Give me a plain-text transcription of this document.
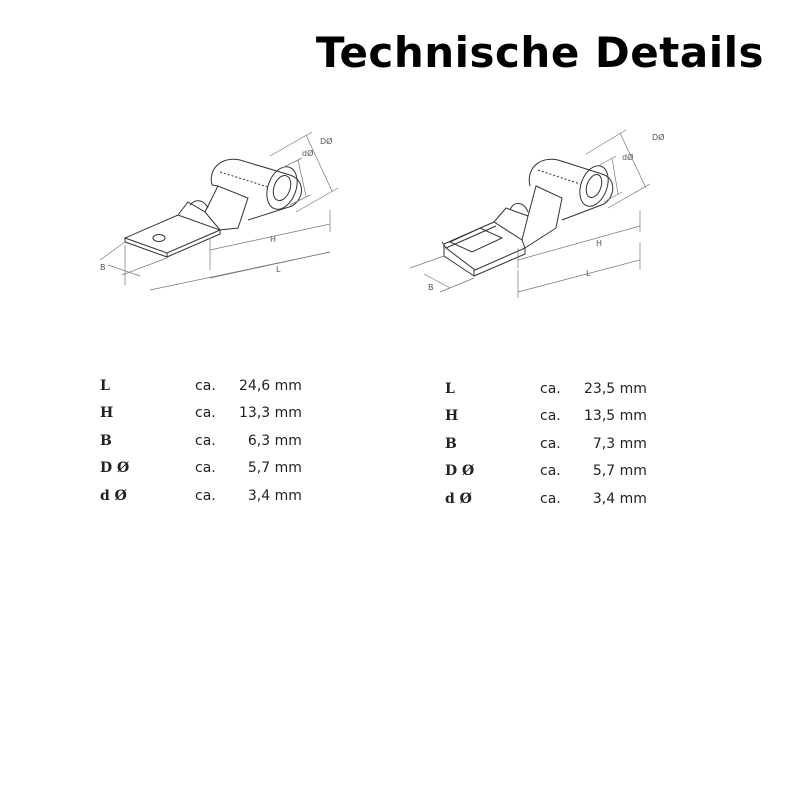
Technische Details
DØ
dØ
H
L
B
DØ
dØ
H
L
B
L	ca.	24,6 mm
H	ca.	13,3 mm
B	ca.	6,3 mm
D Ø	ca.	5,7 mm
d Ø	ca.	3,4 mm
L	ca.	23,5 mm
H	ca.	13,5 mm
B	ca.	7,3 mm
D Ø	ca.	5,7 mm
d Ø	ca.	3,4 mm
